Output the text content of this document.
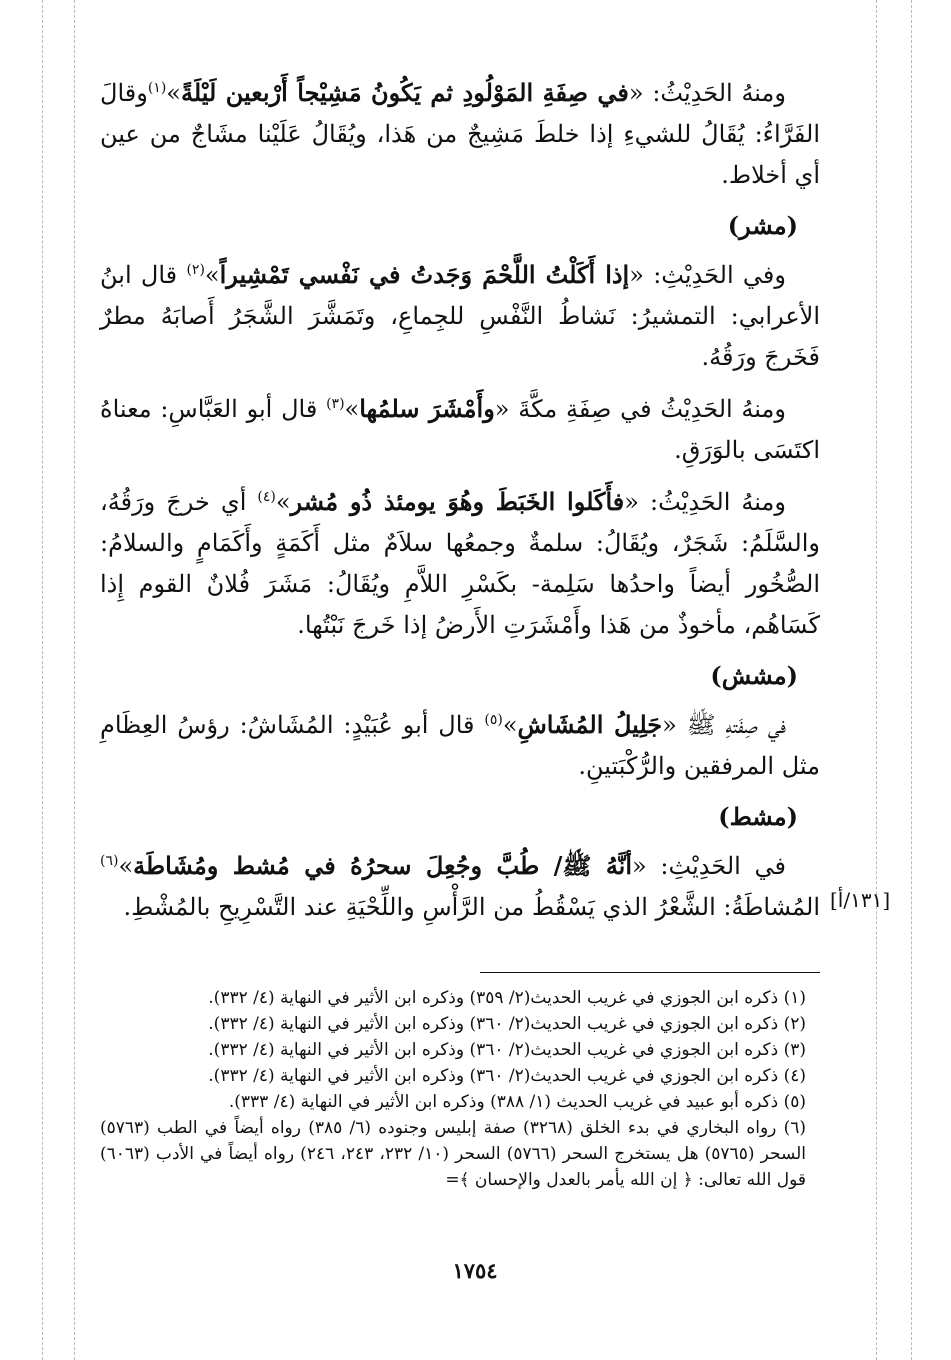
ومنهُ الحَدِيْثُ: «في صِفَةِ المَوْلُودِ ثم يَكُونُ مَشِيْجاً أَرْبعين لَيْلَةً»$^{(١)}$وقالَ الفَرَّاءُ: يُقَالُ للشيءِ إذا خلطَ مَشِيجٌ من هَذا، ويُقَالُ عَلَيْنا مشَاجٌ من عين أي أخلاط.

(مشر)

وفي الحَدِيْثِ: «إذا أَكَلْتُ اللَّحْمَ وَجَدتُ في نَفْسي تَمْشِيراً»$^{(٢)}$ قال ابنُ الأعرابي: التمشيرُ: نَشاطُ النَّفْسِ للجِماعِ، وتَمَشَّرَ الشَّجَرُ أَصابَهُ مطرٌ فَخَرجَ ورَقُهُ.

ومنهُ الحَدِيْثُ في صِفَةِ مكَّةَ «وأَمْشَرَ سلمُها»$^{(٣)}$ قال أبو العَبَّاسِ: معناهُ اكتَسَى بالوَرَقِ.

ومنهُ الحَدِيْثُ: «فأَكَلوا الخَبَطَ وهُوَ يومئذ ذُو مُشر»$^{(٤)}$ أي خرجَ ورَقُهُ، والسَّلَمُ: شَجَرٌ، ويُقَالُ: سلمةٌ وجمعُها سلاَمٌ مثل أَكَمَةٍ وأَكَمَامٍ والسلامُ: الصُّخُور أيضاً واحدُها سَلِمة- بكَسْرِ اللاَّمِ ويُقَالُ: مَشَرَ فُلانٌ القوم إِذا كَسَاهُم، مأخوذٌ من هَذا وأَمْشَرَتِ الأَرضُ إذا خَرجَ نَبْتُها.

(مشش)

في صِفَتهِ ﷺ «جَلِيلُ المُشَاشِ»$^{(٥)}$ قال أبو عُبَيْدٍ: المُشَاشُ: رؤسُ العِظَامِ مثل المرفقين والرُّكْبَتينِ.

(مشط)

في الحَدِيْثِ: «أنَّهُ ﷺ/ طُبَّ وجُعِلَ سحرُهُ في مُشط ومُشَاطَة»$^{(٦)}$ المُشاطَةُ: الشَّعْرُ الذي يَسْقُطُ من الرَّأْسِ واللِّحْيَةِ عند التَّسْرِيحِ بالمُشْطِ. [١٣١/أ]

(١) ذكره ابن الجوزي في غريب الحديث(٢/ ٣٥٩) وذكره ابن الأثير في النهاية (٤/ ٣٣٢).

(٢) ذكره ابن الجوزي في غريب الحديث(٢/ ٣٦٠) وذكره ابن الأثير في النهاية (٤/ ٣٣٢).

(٣) ذكره ابن الجوزي في غريب الحديث(٢/ ٣٦٠) وذكره ابن الأثير في النهاية (٤/ ٣٣٢).

(٤) ذكره ابن الجوزي في غريب الحديث(٢/ ٣٦٠) وذكره ابن الأثير في النهاية (٤/ ٣٣٢).

(٥) ذكره أبو عبيد في غريب الحديث (١/ ٣٨٨) وذكره ابن الأثير في النهاية (٤/ ٣٣٣).

(٦) رواه البخاري في بدء الخلق (٣٢٦٨) صفة إبليس وجنوده (٦/ ٣٨٥) رواه أيضاً في الطب (٥٧٦٣) السحر (٥٧٦٥) هل يستخرج السحر (٥٧٦٦) السحر (١٠/ ٢٣٢، ٢٤٣، ٢٤٦) رواه أيضاً في الأدب (٦٠٦٣) قول الله تعالى: ﴿ إن الله يأمر بالعدل والإحسان ﴾=

١٧٥٤
